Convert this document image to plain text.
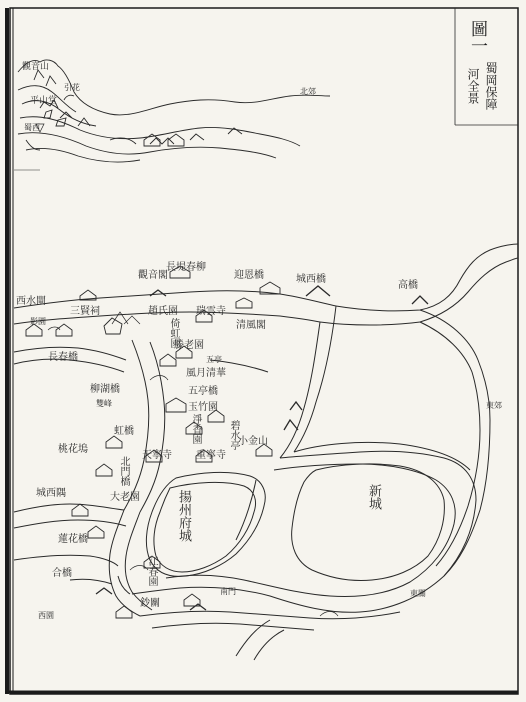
圖一
蜀岡保障
河全景
觀音山
平山堂
西水閘
三賢祠
觀音閣
長堤春柳
迎恩橋	城西橋
高橋
趙氏園 瑞雲寺
清風閣
長春橋
滕老園
柳湖橋
風月清華
五亭橋
玉竹園
倚虹園
淨香園	碧水亭
虹橋
小金山
桃花塢
北門橋
天寧寺 重寧寺
城西隅	大老園	揚州府城	新城
蓮花橋
合橋	江春園
鈔關
五亭
雙峰
南門	東關
影園
引花
蜀西
西園
北郊
東郊
